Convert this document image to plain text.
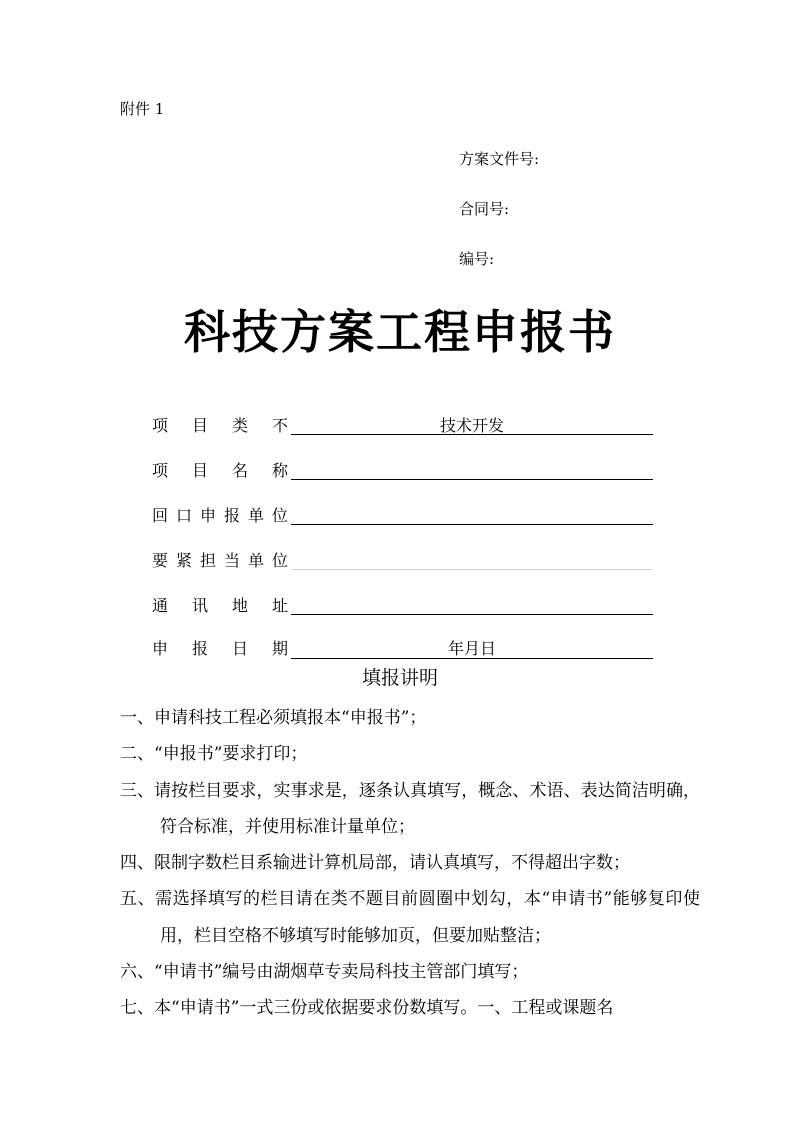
附件 1
方案文件号:
合同号:
编号:
科技方案工程申报书
项 目 类 不	技术开发
项 目 名 称
回 口 申 报 单 位
要 紧 担 当 单 位
通 讯 地 址
申 报 日 期	年月日
填报讲明
一、申请科技工程必须填报本“申报书”；
二、“申报书”要求打印；
三、请按栏目要求，实事求是，逐条认真填写，概念、术语、表达简洁明确，符合标准，并使用标准计量单位；
四、限制字数栏目系输进计算机局部，请认真填写，不得超出字数；
五、需选择填写的栏目请在类不题目前圆圈中划勾，本“申请书”能够复印使用，栏目空格不够填写时能够加页，但要加贴整洁；
六、“申请书”编号由湖烟草专卖局科技主管部门填写；
七、本“申请书”一式三份或依据要求份数填写。一、工程或课题名
